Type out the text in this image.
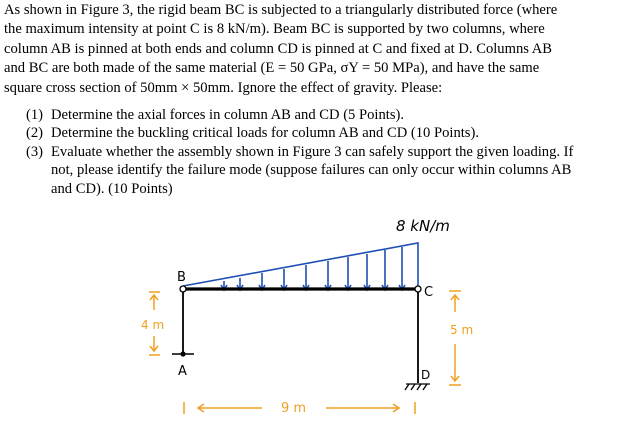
As shown in Figure 3, the rigid beam BC is subjected to a triangularly distributed force (where
the maximum intensity at point C is 8 kN/m). Beam BC is supported by two columns, where
column AB is pinned at both ends and column CD is pinned at C and fixed at D. Columns AB
and BC are both made of the same material (E = 50 GPa, σY = 50 MPa), and have the same
square cross section of 50mm × 50mm. Ignore the effect of gravity. Please:
(1) Determine the axial forces in column AB and CD (5 Points).
(2) Determine the buckling critical loads for column AB and CD (10 Points).
(3) Evaluate whether the assembly shown in Figure 3 can safely support the given loading. If
not, please identify the failure mode (suppose failures can only occur within columns AB
and CD). (10 Points)
8 kN/m
B
C
A	D
4 m	5 m
9 m
